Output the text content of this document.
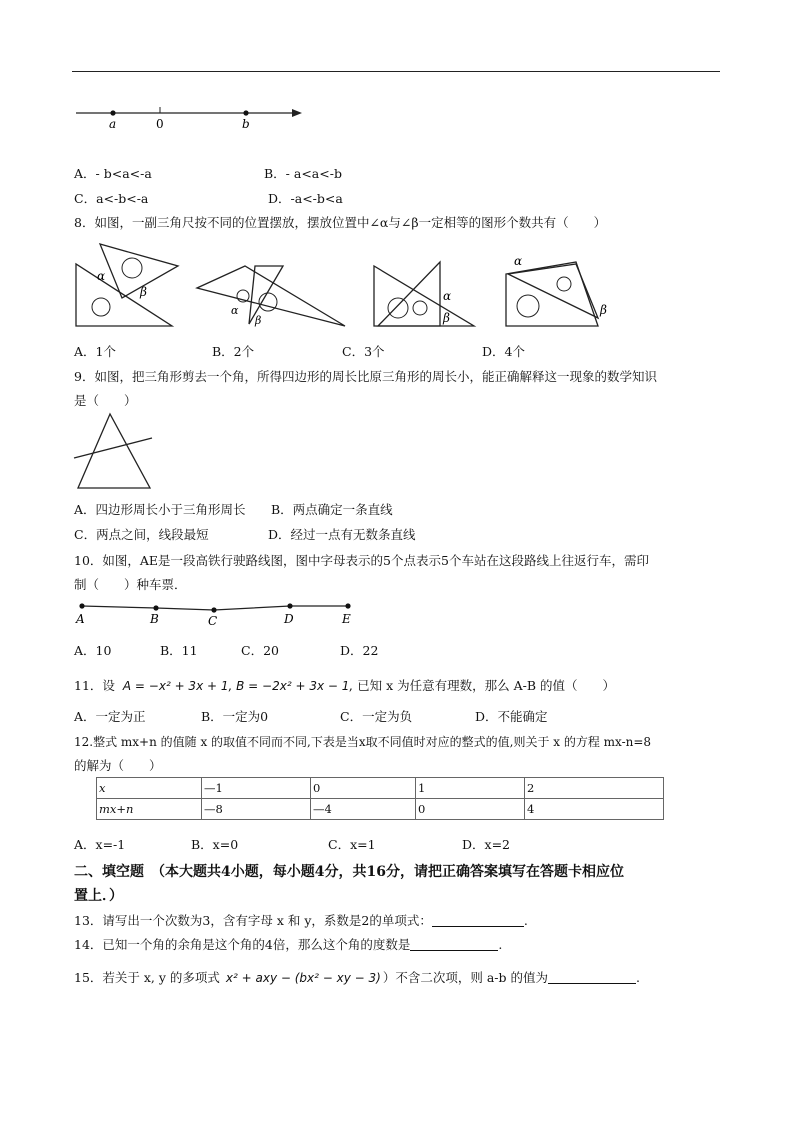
a	0	b
A．- b<a<-a	B．- a<a<-b
C．a<-b<-a	D．-a<-b<a
8．如图，一副三角尺按不同的位置摆放，摆放位置中∠α与∠β一定相等的图形个数共有（　　）
α
β
α
β
α
β
α
β
A．1个	B．2个	C．3个	D．4个
9．如图，把三角形剪去一个角，所得四边形的周长比原三角形的周长小，能正确解释这一现象的数学知识
是（　　）
A．四边形周长小于三角形周长 B．两点确定一条直线
C．两点之间，线段最短	D．经过一点有无数条直线
10．如图，AE是一段高铁行驶路线图，图中字母表示的5个点表示5个车站在这段路线上往返行车，需印
制（　　）种车票．
A	B	C	D	E
A．10	B．11	C．20	D．22
11．设 A = −x² + 3x + 1, B = −2x² + 3x − 1, 已知 x 为任意有理数，那么 A-B 的值（　　）
A．一定为正	B．一定为0	C．一定为负	D．不能确定
12.整式 mx+n 的值随 x 的取值不同而不同,下表是当x取不同值时对应的整式的值,则关于 x 的方程 mx-n=8
的解为（　　）
x	—1	0	1	2
mx+n	—8	—4	0	4
A．x=-1	B．x=0	C．x=1	D．x=2
二、填空题　（本大题共4小题，每小题4分，共16分，请把正确答案填写在答题卡相应位
置上．）
13．请写出一个次数为3，含有字母 x 和 y，系数是2的单项式：	.
14．已知一个角的余角是这个角的4倍，那么这个角的度数是	.
15．若关于 x, y 的多项式 x² + axy − (bx² − xy − 3) ）不含二次项，则 a-b 的值为	.
